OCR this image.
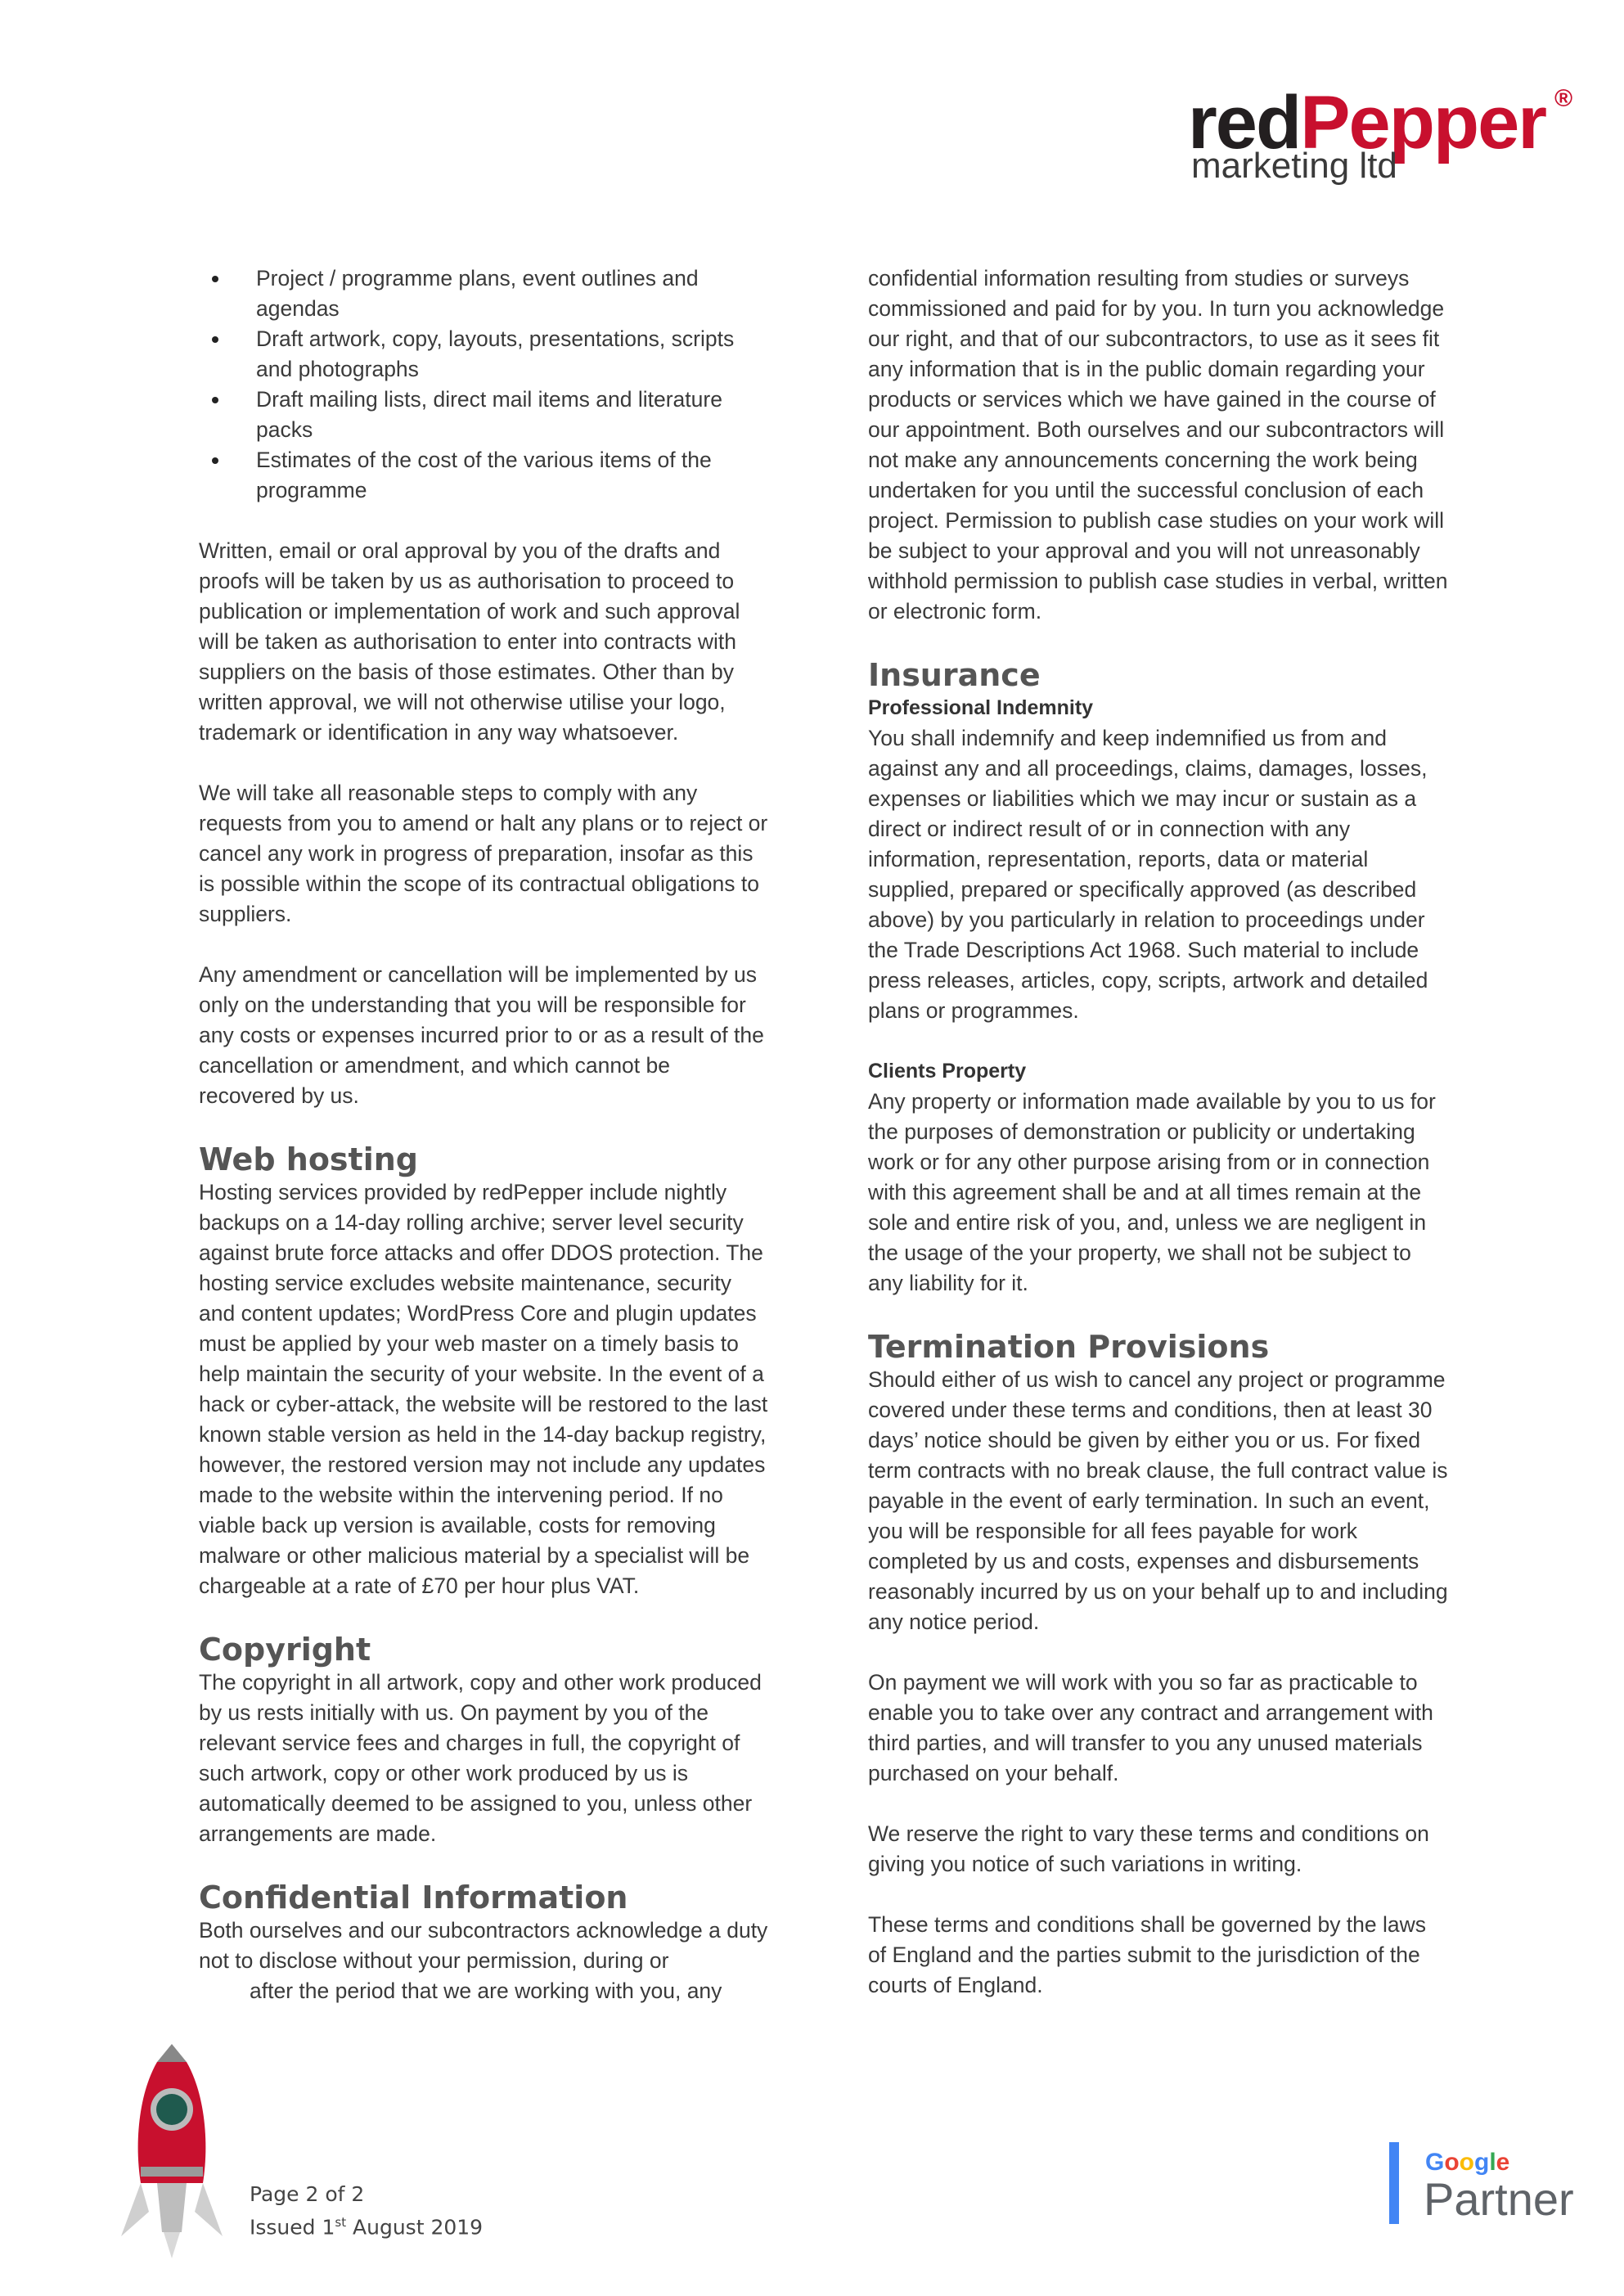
redPepper ®
marketing ltd
Project / programme plans, event outlines and agendas
Draft artwork, copy, layouts, presentations, scripts and photographs
Draft mailing lists, direct mail items and literature packs
Estimates of the cost of the various items of the programme

Written, email or oral approval by you of the drafts and proofs will be taken by us as authorisation to proceed to publication or implementation of work and such approval will be taken as authorisation to enter into contracts with suppliers on the basis of those estimates. Other than by written approval, we will not otherwise utilise your logo, trademark or identification in any way whatsoever.

We will take all reasonable steps to comply with any requests from you to amend or halt any plans or to reject or cancel any work in progress of preparation, insofar as this is possible within the scope of its contractual obligations to suppliers.

Any amendment or cancellation will be implemented by us only on the understanding that you will be responsible for any costs or expenses incurred prior to or as a result of the cancellation or amendment, and which cannot be recovered by us.

Web hosting

Hosting services provided by redPepper include nightly backups on a 14-day rolling archive; server level security against brute force attacks and offer DDOS protection. The hosting service excludes website maintenance, security and content updates; WordPress Core and plugin updates must be applied by your web master on a timely basis to help maintain the security of your website. In the event of a hack or cyber-attack, the website will be restored to the last known stable version as held in the 14-day backup registry, however, the restored version may not include any updates made to the website within the intervening period. If no viable back up version is available, costs for removing malware or other malicious material by a specialist will be chargeable at a rate of £70 per hour plus VAT.

Copyright

The copyright in all artwork, copy and other work produced by us rests initially with us. On payment by you of the relevant service fees and charges in full, the copyright of such artwork, copy or other work produced by us is automatically deemed to be assigned to you, unless other arrangements are made.

Confidential Information
Both ourselves and our subcontractors acknowledge a duty not to disclose without your permission, during or
after the period that we are working with you, any

confidential information resulting from studies or surveys commissioned and paid for by you. In turn you acknowledge our right, and that of our subcontractors, to use as it sees fit any information that is in the public domain regarding your products or services which we have gained in the course of our appointment. Both ourselves and our subcontractors will not make any announcements concerning the work being undertaken for you until the successful conclusion of each project. Permission to publish case studies on your work will be subject to your approval and you will not unreasonably withhold permission to publish case studies in verbal, written or electronic form.

Insurance
Professional Indemnity

You shall indemnify and keep indemnified us from and against any and all proceedings, claims, damages, losses, expenses or liabilities which we may incur or sustain as a direct or indirect result of or in connection with any information, representation, reports, data or material supplied, prepared or specifically approved (as described above) by you particularly in relation to proceedings under the Trade Descriptions Act 1968. Such material to include press releases, articles, copy, scripts, artwork and detailed plans or programmes.

Clients Property

Any property or information made available by you to us for the purposes of demonstration or publicity or undertaking work or for any other purpose arising from or in connection with this agreement shall be and at all times remain at the sole and entire risk of you, and, unless we are negligent in the usage of the your property, we shall not be subject to any liability for it.

Termination Provisions

Should either of us wish to cancel any project or programme covered under these terms and conditions, then at least 30 days’ notice should be given by either you or us. For fixed term contracts with no break clause, the full contract value is payable in the event of early termination. In such an event, you will be responsible for all fees payable for work completed by us and costs, expenses and disbursements reasonably incurred by us on your behalf up to and including any notice period.

On payment we will work with you so far as practicable to enable you to take over any contract and arrangement with third parties, and will transfer to you any unused materials purchased on your behalf.

We reserve the right to vary these terms and conditions on giving you notice of such variations in writing.

These terms and conditions shall be governed by the laws of England and the parties submit to the jurisdiction of the courts of England.

Page 2 of 2
Issued 1st August 2019
Google
Partner
